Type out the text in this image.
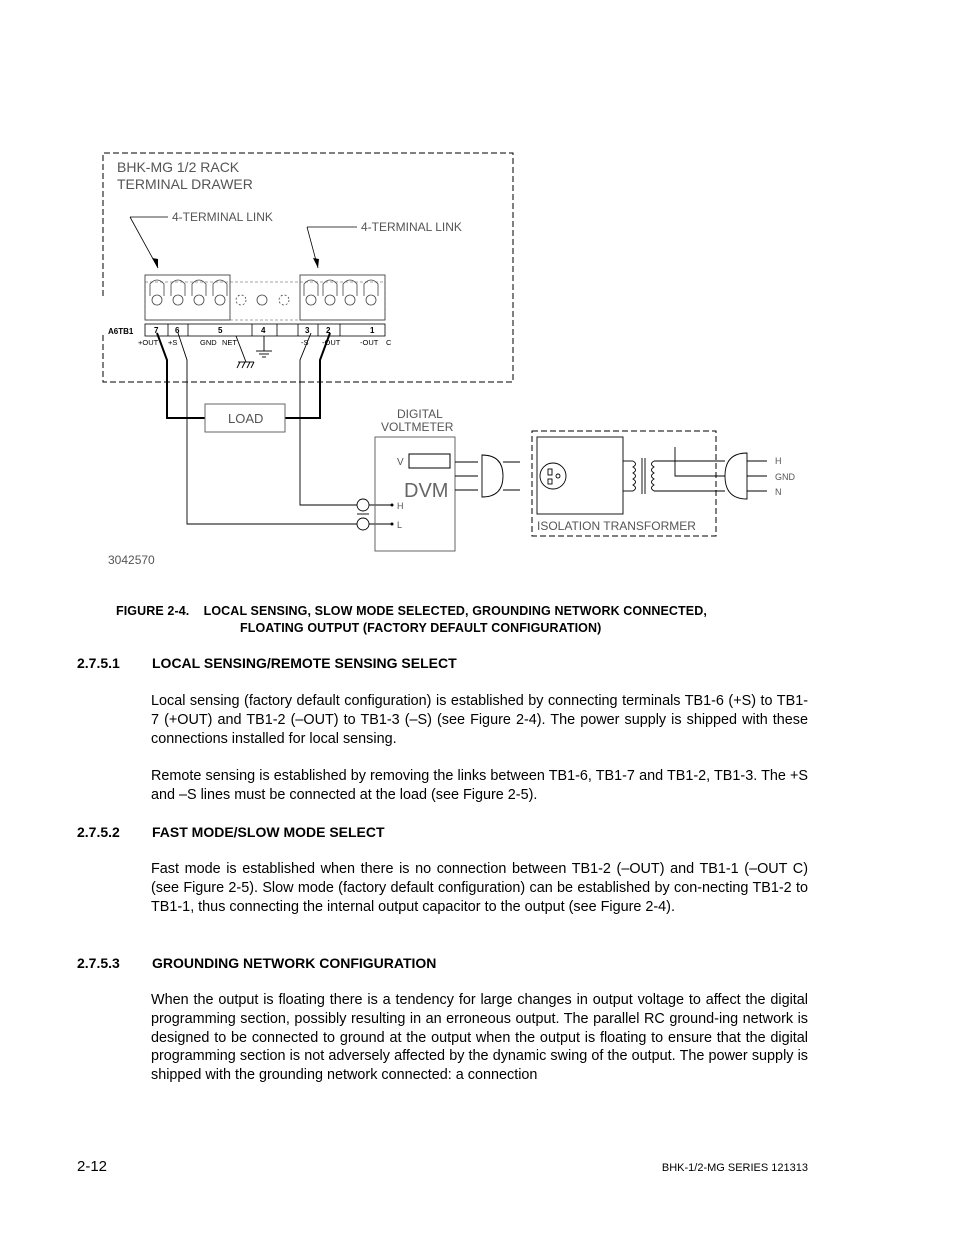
BHK-MG 1/2 RACK
TERMINAL DRAWER
4-TERMINAL LINK
4-TERMINAL LINK
A6TB1	7 6	5	4	3 2	1
+OUT +S	GND NET	-S -OUT	-OUT C
LOAD	DIGITAL
VOLTMETER
V
DVM
H
L	ISOLATION TRANSFORMER
H
GND
N
3042570
FIGURE 2-4.    LOCAL SENSING, SLOW MODE SELECTED, GROUNDING NETWORK CONNECTED,
FLOATING OUTPUT (FACTORY DEFAULT CONFIGURATION)
2.7.5.1 LOCAL SENSING/REMOTE SENSING SELECT
Local sensing (factory default configuration) is established by connecting terminals TB1-6 (+S) to TB1-7 (+OUT) and TB1-2 (–OUT) to TB1-3 (–S) (see Figure 2-4). The power supply is shipped with these connections installed for local sensing.
Remote sensing is established by removing the links between TB1-6, TB1-7 and TB1-2, TB1-3. The +S and –S lines must be connected at the load (see Figure 2-5).
2.7.5.2 FAST MODE/SLOW MODE SELECT
Fast mode is established when there is no connection between TB1-2 (–OUT) and TB1-1 (–OUT C) (see Figure 2-5). Slow mode (factory default configuration) can be established by con-necting TB1-2 to TB1-1, thus connecting the internal output capacitor to the output (see Figure 2-4).
2.7.5.3 GROUNDING NETWORK CONFIGURATION
When the output is floating there is a tendency for large changes in output voltage to affect the digital programming section, possibly resulting in an erroneous output. The parallel RC ground-ing network is designed to be connected to ground at the output when the output is floating to ensure that the digital programming section is not adversely affected by the dynamic swing of the output. The power supply is shipped with the grounding network connected: a connection
2-12	BHK-1/2-MG SERIES 121313
